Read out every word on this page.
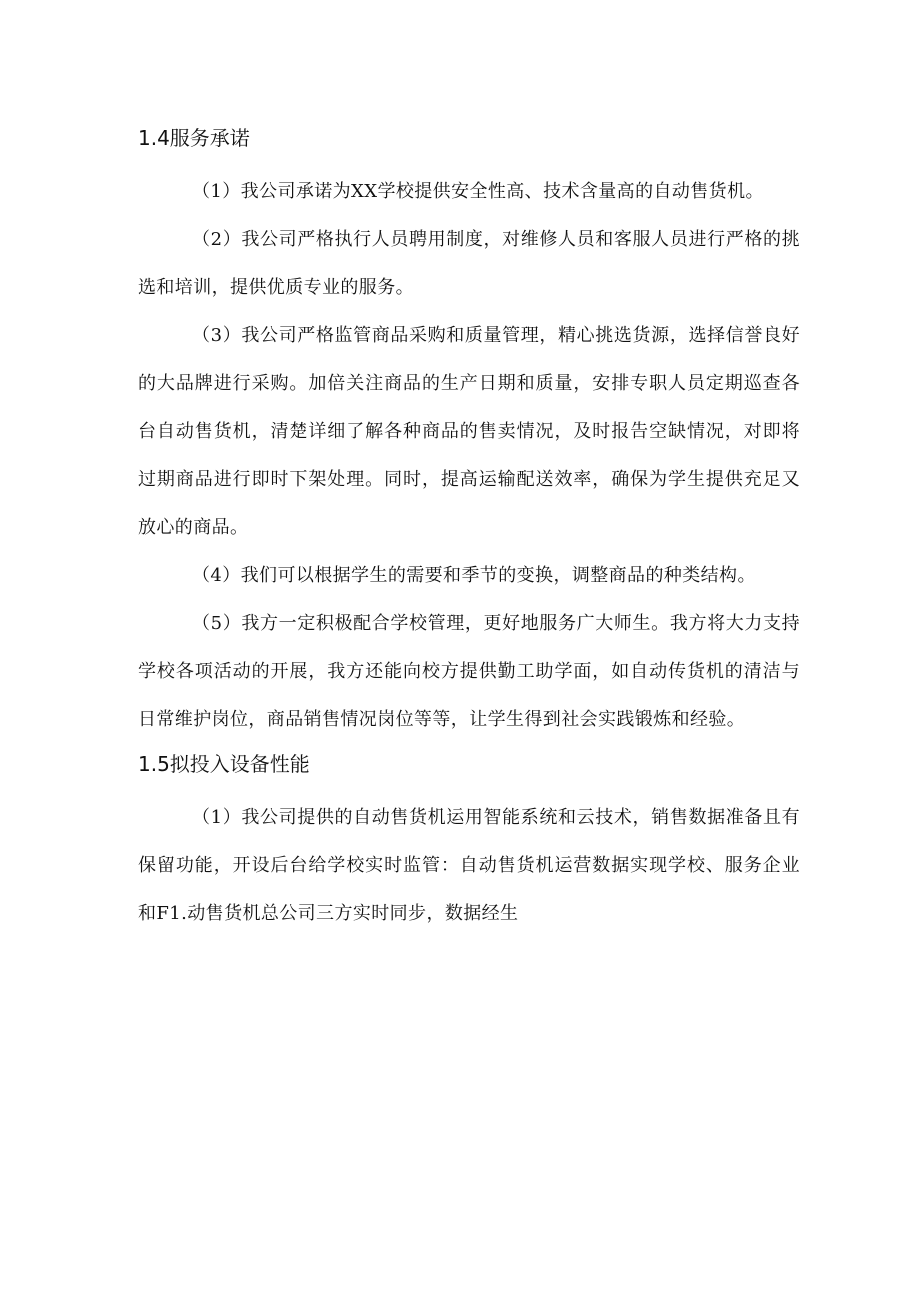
1.4服务承诺

（1）我公司承诺为XX学校提供安全性高、技术含量高的自动售货机。

（2）我公司严格执行人员聘用制度，对维修人员和客服人员进行严格的挑选和培训，提供优质专业的服务。

（3）我公司严格监管商品采购和质量管理，精心挑选货源，选择信誉良好的大品牌进行采购。加倍关注商品的生产日期和质量，安排专职人员定期巡查各台自动售货机，清楚详细了解各种商品的售卖情况，及时报告空缺情况，对即将过期商品进行即时下架处理。同时，提高运输配送效率，确保为学生提供充足又放心的商品。

（4）我们可以根据学生的需要和季节的变换，调整商品的种类结构。

（5）我方一定积极配合学校管理，更好地服务广大师生。我方将大力支持学校各项活动的开展，我方还能向校方提供勤工助学面，如自动传货机的清洁与日常维护岗位，商品销售情况岗位等等，让学生得到社会实践锻炼和经验。

1.5拟投入设备性能

（1）我公司提供的自动售货机运用智能系统和云技术，销售数据准备且有保留功能，开设后台给学校实时监管：自动售货机运营数据实现学校、服务企业和F1.动售货机总公司三方实时同步，数据经生
